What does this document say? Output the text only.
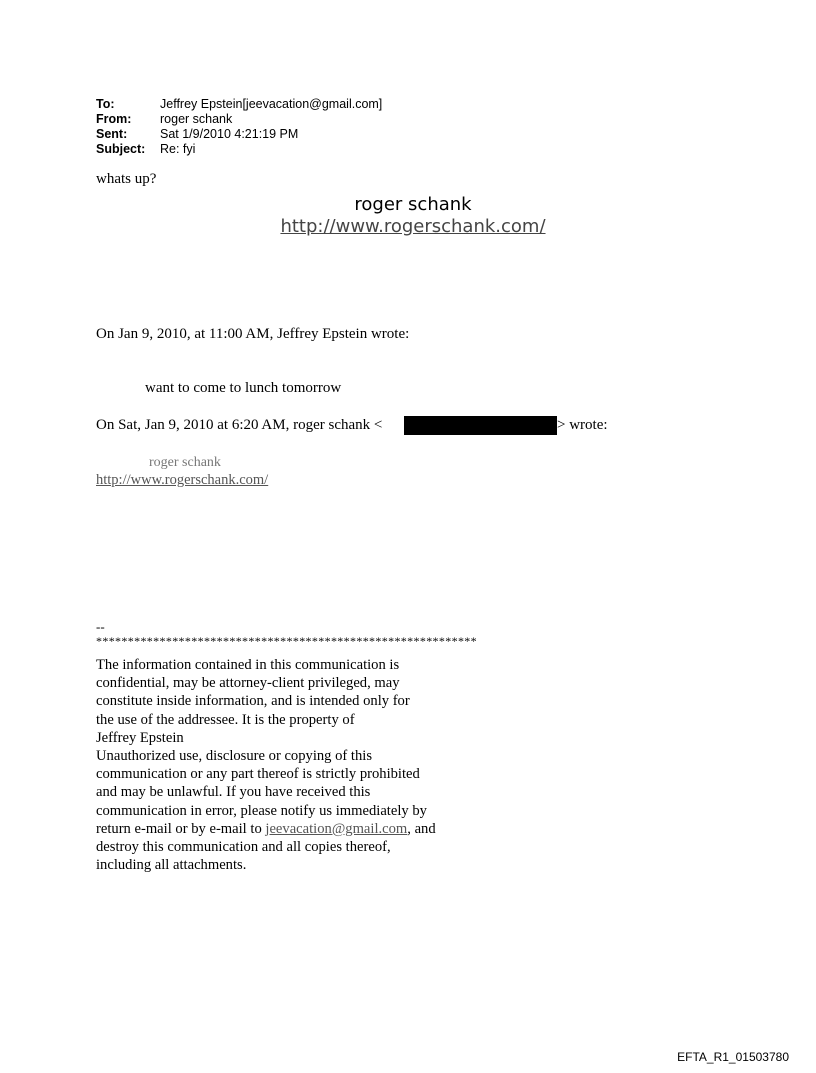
To:	Jeffrey Epstein[jeevacation@gmail.com]
From:	roger schank
Sent:	Sat 1/9/2010 4:21:19 PM
Subject:	Re: fyi
whats up?
roger schank
http://www.rogerschank.com/
On Jan 9, 2010, at 11:00 AM, Jeffrey Epstein wrote:
want to come to lunch tomorrow
On Sat, Jan 9, 2010 at 6:20 AM, roger schank <	> wrote:
roger schank
http://www.rogerschank.com/
--
************************************************************
The information contained in this communication is
confidential, may be attorney-client privileged, may
constitute inside information, and is intended only for
the use of the addressee. It is the property of
Jeffrey Epstein
Unauthorized use, disclosure or copying of this
communication or any part thereof is strictly prohibited
and may be unlawful. If you have received this
communication in error, please notify us immediately by
return e-mail or by e-mail to jeevacation@gmail.com, and
destroy this communication and all copies thereof,
including all attachments.
EFTA_R1_01503780
